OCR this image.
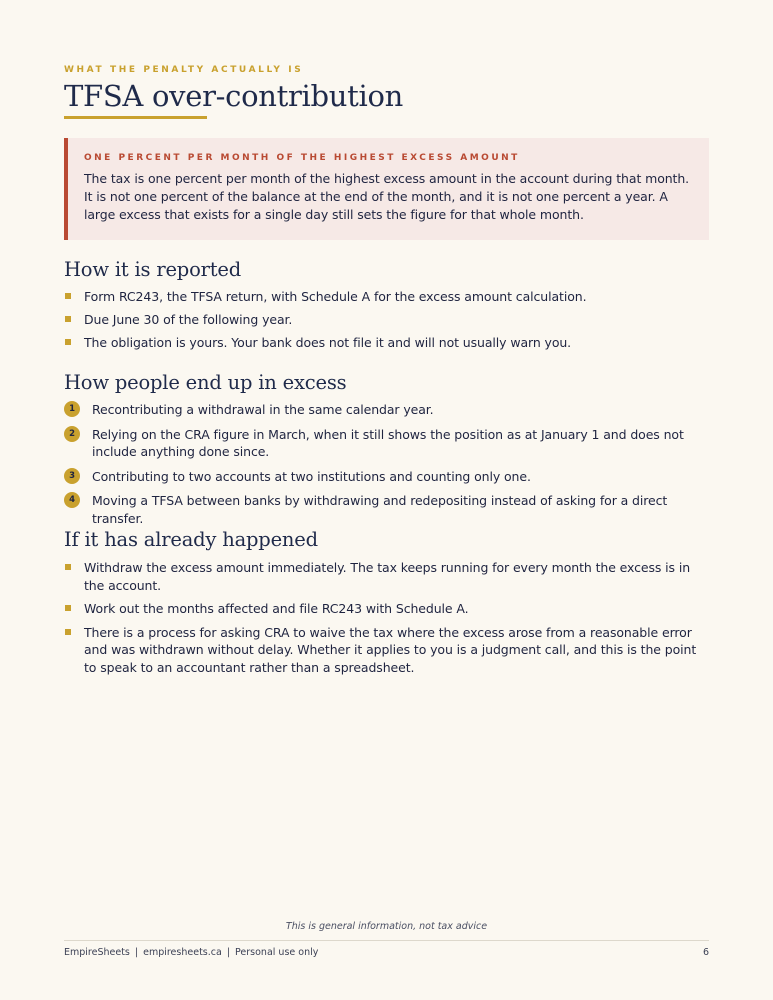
WHAT THE PENALTY ACTUALLY IS
TFSA over-contribution
ONE PERCENT PER MONTH OF THE HIGHEST EXCESS AMOUNT

The tax is one percent per month of the highest excess amount in the account during that month. It is not one percent of the balance at the end of the month, and it is not one percent a year. A large excess that exists for a single day still sets the figure for that whole month.

How it is reported
Form RC243, the TFSA return, with Schedule A for the excess amount calculation.
Due June 30 of the following year.
The obligation is yours. Your bank does not file it and will not usually warn you.
How people end up in excess
1	Recontributing a withdrawal in the same calendar year.
2	Relying on the CRA figure in March, when it still shows the position as at January 1 and does not include anything done since.
3	Contributing to two accounts at two institutions and counting only one.
4	Moving a TFSA between banks by withdrawing and redepositing instead of asking for a direct transfer.
If it has already happened
Withdraw the excess amount immediately. The tax keeps running for every month the excess is in the account.
Work out the months affected and file RC243 with Schedule A.
There is a process for asking CRA to waive the tax where the excess arose from a reasonable error and was withdrawn without delay. Whether it applies to you is a judgment call, and this is the point to speak to an accountant rather than a spreadsheet.
This is general information, not tax advice
EmpireSheets | empiresheets.ca | Personal use only	6
